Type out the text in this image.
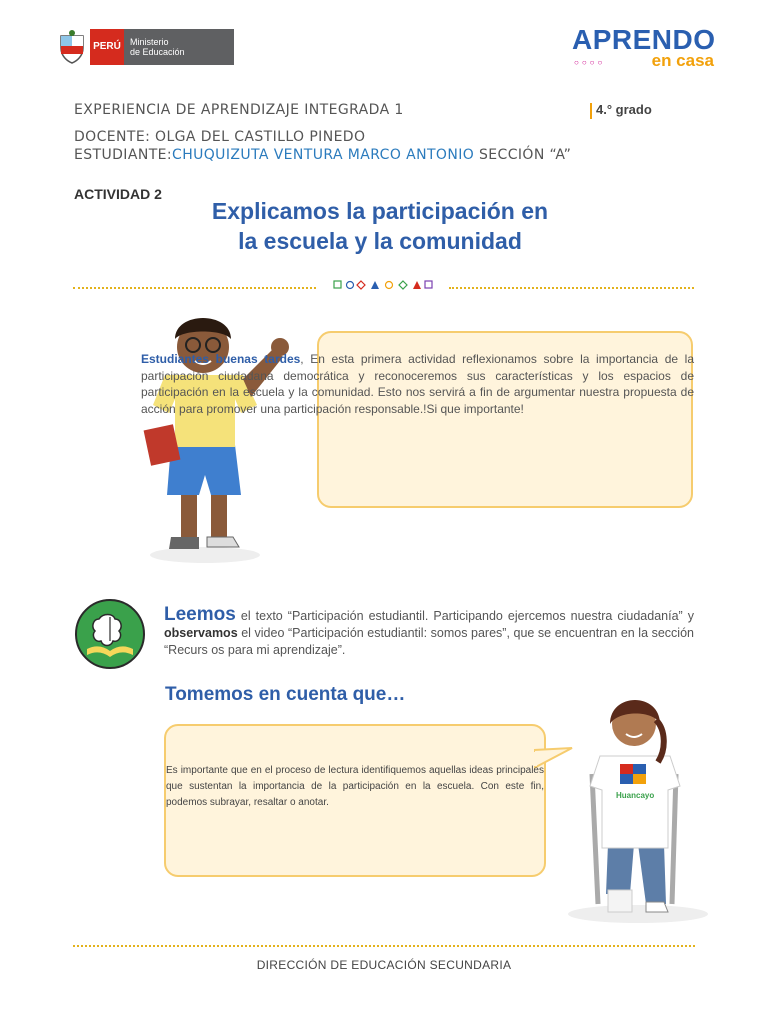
PERÚ	Ministerio
de Educación	APRENDO
○○○○	en casa
EXPERIENCIA DE APRENDIZAJE INTEGRADA 1	4.° grado
DOCENTE: OLGA DEL CASTILLO PINEDO
ESTUDIANTE:CHUQUIZUTA VENTURA MARCO ANTONIO SECCIÓN “A”
ACTIVIDAD 2
Explicamos la participación en
la escuela y la comunidad
Estudiantes buenas tardes, En esta primera actividad reflexionamos sobre la importancia de la participación ciudadana democrática y reconoceremos sus características y los espacios de participación en la escuela y la comunidad. Esto nos servirá a fin de argumentar nuestra propuesta de acción para promover una participación responsable.!Si que importante!
Leemos el texto “Participación estudiantil. Participando ejercemos nuestra ciudadanía” y observamos el video “Participación estudiantil: somos pares”, que se encuentran en la sección “Recurs os para mi aprendizaje”.
Tomemos en cuenta que…
Es importante que en el proceso de lectura identifiquemos aquellas ideas principales que sustentan la importancia de la participación en la escuela. Con este fin, podemos subrayar, resaltar o anotar.
Huancayo
DIRECCIÓN DE EDUCACIÓN SECUNDARIA
